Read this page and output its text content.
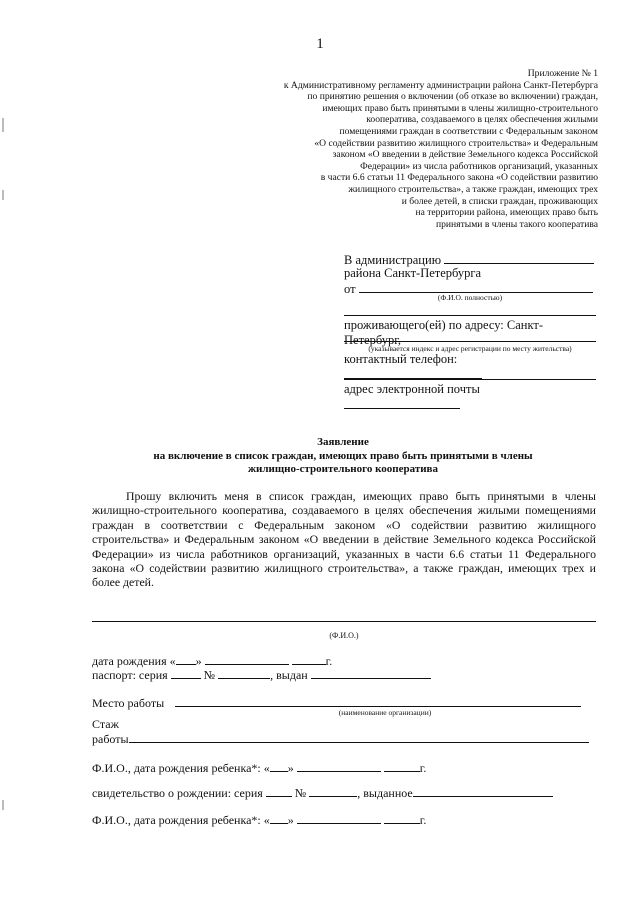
1
Приложение № 1
к Административному регламенту администрации района Санкт-Петербурга
по принятию решения о включении (об отказе во включении) граждан,
имеющих право быть принятыми в члены жилищно-строительного
кооператива, создаваемого в целях обеспечения жилыми
помещениями граждан в соответствии с Федеральным законом
«О содействии развитию жилищного строительства» и Федеральным
законом «О введении в действие Земельного кодекса Российской
Федерации» из числа работников организаций, указанных
в части 6.6 статьи 11 Федерального закона «О содействии развитию
жилищного строительства», а также граждан, имеющих трех
и более детей, в списки граждан, проживающих
на территории района, имеющих право быть
принятыми в члены такого кооператива
В администрацию
района Санкт-Петербурга
от
(Ф.И.О. полностью)
проживающего(ей) по адресу: Санкт-Петербург,
(указывается индекс и адрес регистрации по месту жительства)
контактный телефон:
адрес электронной почты
Заявление
на включение в список граждан, имеющих право быть принятыми в члены
жилищно-строительного кооператива
Прошу включить меня в список граждан, имеющих право быть принятыми в члены жилищно-строительного кооператива, создаваемого в целях обеспечения жилыми помещениями граждан в соответствии с Федеральным законом «О содействии развитию жилищного строительства» и Федеральным законом «О введении в действие Земельного кодекса Российской Федерации» из числа работников организаций, указанных в части 6.6 статьи 11 Федерального закона «О содействии развитию жилищного строительства», а также граждан, имеющих трех и более детей.
(Ф.И.О.)
дата рождения « »	г.
паспорт: серия	№	, выдан
Место работы
(наименование организации)
Стаж
работы
Ф.И.О., дата рождения ребенка*: « »	г.
свидетельство о рождении: серия	№	, выданное
Ф.И.О., дата рождения ребенка*: « »	г.
